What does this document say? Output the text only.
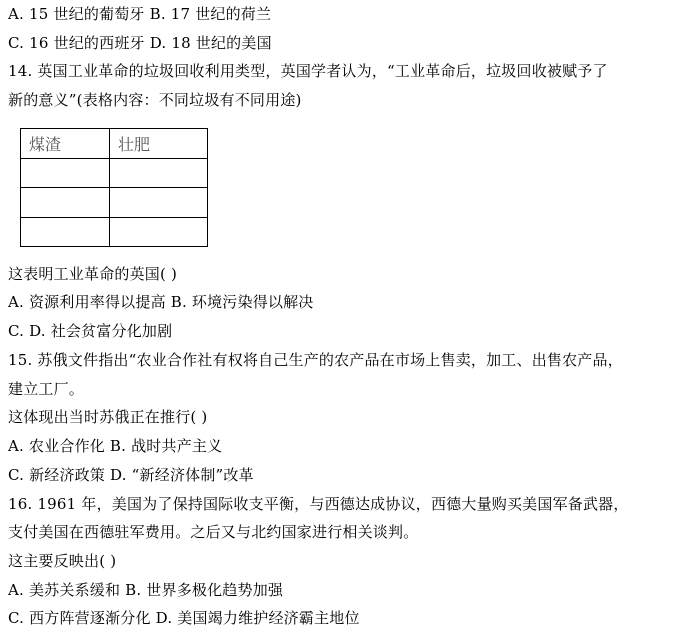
A. 15 世纪的葡萄牙 B. 17 世纪的荷兰
C. 16 世纪的西班牙 D. 18 世纪的美国
14. 英国工业革命的垃圾回收利用类型，英国学者认为，“工业革命后，垃圾回收被赋予了
新的意义”(表格内容：不同垃圾有不同用途)
煤渣	壮肥

这表明工业革命的英国( )
A. 资源利用率得以提高 B. 环境污染得以解决
C. D. 社会贫富分化加剧
15. 苏俄文件指出“农业合作社有权将自己生产的农产品在市场上售卖，加工、出售农产品，
建立工厂。
这体现出当时苏俄正在推行( )
A. 农业合作化 B. 战时共产主义
C. 新经济政策 D. “新经济体制”改革
16. 1961 年，美国为了保持国际收支平衡，与西德达成协议，西德大量购买美国军备武器，
支付美国在西德驻军费用。之后又与北约国家进行相关谈判。
这主要反映出( )
A. 美苏关系缓和 B. 世界多极化趋势加强
C. 西方阵营逐渐分化 D. 美国竭力维护经济霸主地位
